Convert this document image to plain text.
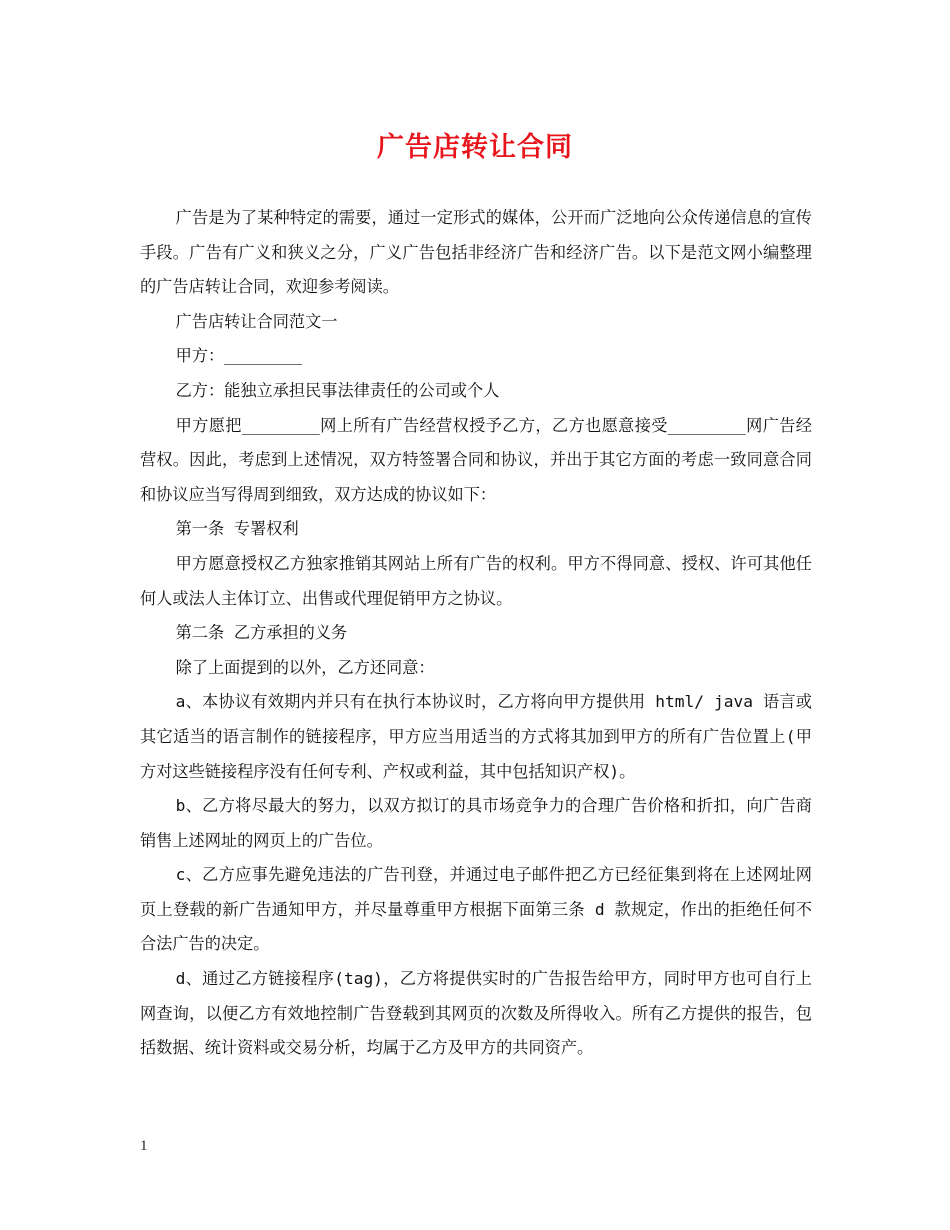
广告店转让合同

广告是为了某种特定的需要，通过一定形式的媒体，公开而广泛地向公众传递信息的宣传手段。广告有广义和狭义之分，广义广告包括非经济广告和经济广告。以下是范文网小编整理的广告店转让合同，欢迎参考阅读。

广告店转让合同范文一

甲方：________

乙方：能独立承担民事法律责任的公司或个人

甲方愿把________网上所有广告经营权授予乙方，乙方也愿意接受________网广告经营权。因此，考虑到上述情况，双方特签署合同和协议，并出于其它方面的考虑一致同意合同和协议应当写得周到细致，双方达成的协议如下：

第一条 专署权利

甲方愿意授权乙方独家推销其网站上所有广告的权利。甲方不得同意、授权、许可其他任何人或法人主体订立、出售或代理促销甲方之协议。

第二条 乙方承担的义务

除了上面提到的以外，乙方还同意：

a、本协议有效期内并只有在执行本协议时，乙方将向甲方提供用 html/ java 语言或其它适当的语言制作的链接程序，甲方应当用适当的方式将其加到甲方的所有广告位置上(甲方对这些链接程序没有任何专利、产权或利益，其中包括知识产权)。

b、乙方将尽最大的努力，以双方拟订的具市场竞争力的合理广告价格和折扣，向广告商销售上述网址的网页上的广告位。

c、乙方应事先避免违法的广告刊登，并通过电子邮件把乙方已经征集到将在上述网址网页上登载的新广告通知甲方，并尽量尊重甲方根据下面第三条 d 款规定，作出的拒绝任何不合法广告的决定。

d、通过乙方链接程序(tag)，乙方将提供实时的广告报告给甲方，同时甲方也可自行上网查询，以便乙方有效地控制广告登载到其网页的次数及所得收入。所有乙方提供的报告，包括数据、统计资料或交易分析，均属于乙方及甲方的共同资产。

1
